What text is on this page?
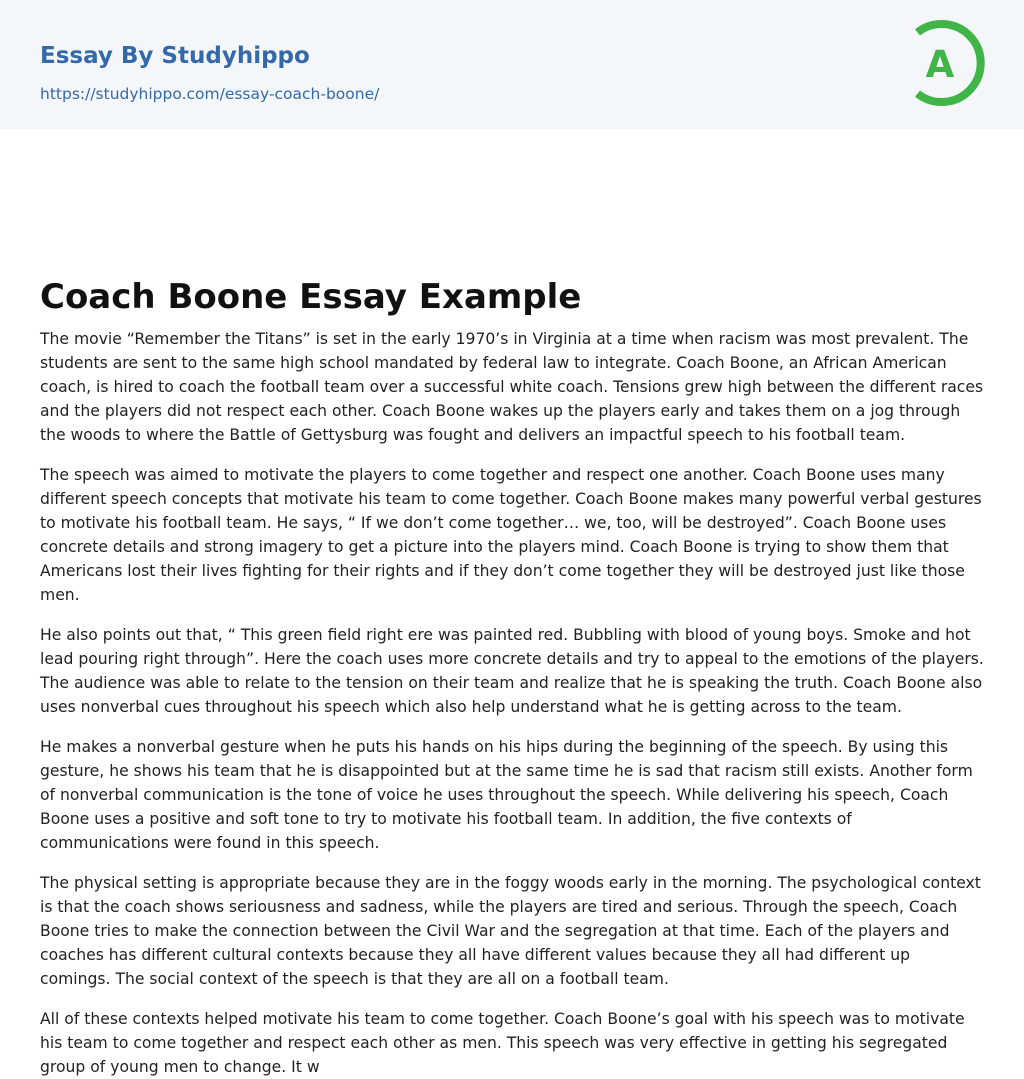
Essay By Studyhippo
https://studyhippo.com/essay-coach-boone/
A
Coach Boone Essay Example

The movie “Remember the Titans” is set in the early 1970’s in Virginia at a time when racism was most prevalent. The students are sent to the same high school mandated by federal law to integrate. Coach Boone, an African American coach, is hired to coach the football team over a successful white coach. Tensions grew high between the different races and the players did not respect each other. Coach Boone wakes up the players early and takes them on a jog through the woods to where the Battle of Gettysburg was fought and delivers an impactful speech to his football team.

The speech was aimed to motivate the players to come together and respect one another. Coach Boone uses many different speech concepts that motivate his team to come together. Coach Boone makes many powerful verbal gestures to motivate his football team. He says, “ If we don’t come together… we, too, will be destroyed”. Coach Boone uses concrete details and strong imagery to get a picture into the players mind. Coach Boone is trying to show them that Americans lost their lives fighting for their rights and if they don’t come together they will be destroyed just like those men.

He also points out that, “ This green field right ere was painted red. Bubbling with blood of young boys. Smoke and hot lead pouring right through”. Here the coach uses more concrete details and try to appeal to the emotions of the players. The audience was able to relate to the tension on their team and realize that he is speaking the truth. Coach Boone also uses nonverbal cues throughout his speech which also help understand what he is getting across to the team.

He makes a nonverbal gesture when he puts his hands on his hips during the beginning of the speech. By using this gesture, he shows his team that he is disappointed but at the same time he is sad that racism still exists. Another form of nonverbal communication is the tone of voice he uses throughout the speech. While delivering his speech, Coach Boone uses a positive and soft tone to try to motivate his football team. In addition, the five contexts of communications were found in this speech.

The physical setting is appropriate because they are in the foggy woods early in the morning. The psychological context is that the coach shows seriousness and sadness, while the players are tired and serious. Through the speech, Coach Boone tries to make the connection between the Civil War and the segregation at that time. Each of the players and coaches has different cultural contexts because they all have different values because they all had different up comings. The social context of the speech is that they are all on a football team.

All of these contexts helped motivate his team to come together. Coach Boone’s goal with his speech was to motivate his team to come together and respect each other as men. This speech was very effective in getting his segregated group of young men to change. It w
